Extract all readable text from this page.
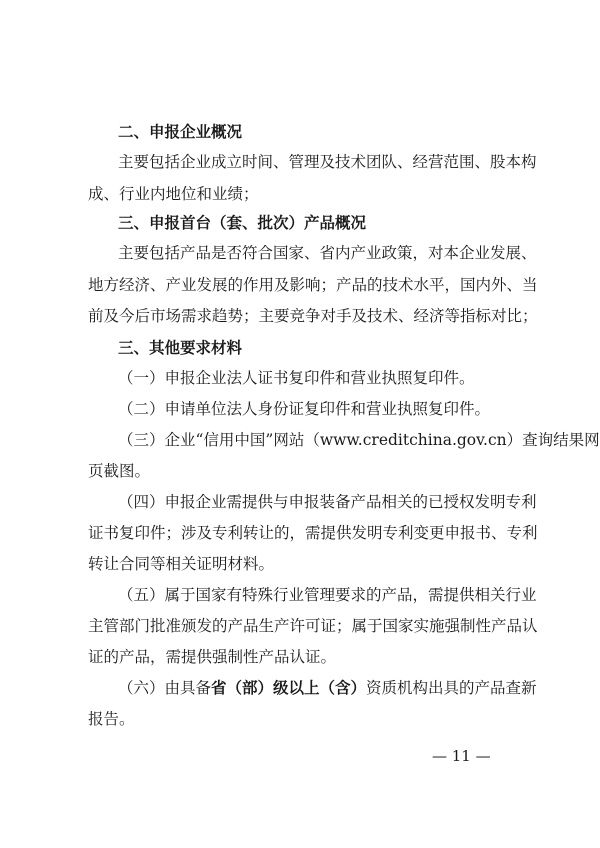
二、申报企业概况
主要包括企业成立时间、管理及技术团队、经营范围、股本构
成、行业内地位和业绩；
三、申报首台（套、批次）产品概况
主要包括产品是否符合国家、省内产业政策，对本企业发展、
地方经济、产业发展的作用及影响；产品的技术水平，国内外、当
前及今后市场需求趋势；主要竞争对手及技术、经济等指标对比；
三、其他要求材料
（一）申报企业法人证书复印件和营业执照复印件。
（二）申请单位法人身份证复印件和营业执照复印件。
（三）企业“信用中国”网站（www.creditchina.gov.cn）查询结果网
页截图。
（四）申报企业需提供与申报装备产品相关的已授权发明专利
证书复印件；涉及专利转让的，需提供发明专利变更申报书、专利
转让合同等相关证明材料。
（五）属于国家有特殊行业管理要求的产品，需提供相关行业
主管部门批准颁发的产品生产许可证；属于国家实施强制性产品认
证的产品，需提供强制性产品认证。
（六）由具备省（部）级以上（含）资质机构出具的产品查新
报告。
— 11 —
